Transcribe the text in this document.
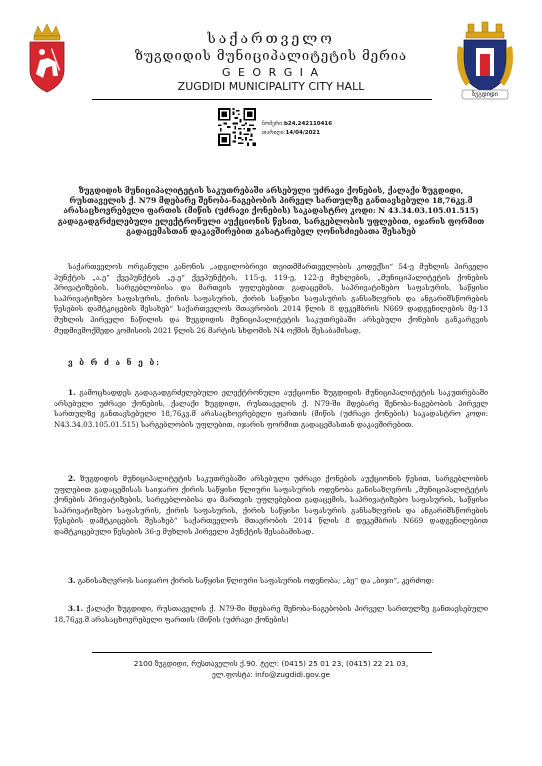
ზუგდიდი
საქართველო
ზუგდიდის მუნიციპალიტეტის მერია
G E O R G I A
ZUGDIDI MUNICIPALITY CITY HALL
ნომერი:b24.242110416
თარიღი:14/04/2021
ზუგდიდის მუნიციპალიტეტის საკუთრებაში არსებული უძრავი ქონების, ქალაქი ზუგდიდი, რუსთაველის ქ. N79 მდებარე შენობა-ნაგებობის პირველ სართულზე განთავსებული 18,76კვ.მ არასაცხოვრებელი ფართის (მიწის (უძრავი ქონების) საკადასტრო კოდი: N 43.34.03.105.01.515) გადაგადგრძელებული ელექტრონული აუქციონის წესით, სარგებლობის უფლებით, იჯარის ფორმით გადაცემასთან დაკავშირებით გასატარებელ ღონისძიებათა შესახებ
საქართველოს ორგანული კანონის „ადგილობრივი თვითმმართველობის კოდექსი“ 54-ე მუხლის პირველი პუნქტის „ა.ე“ ქვეპუნქტის „ე.ე“ ქვეპუნქტის, 115-ე, 119-ე, 122-ე მუხლების, „მუნიციპალიტეტის ქონების პრივატიზების, სარგებლობისა და მართვის უფლებებით გადაცემის, საპრივატიზებო საფასურის, საწყისი საპრივატიზებო საფასურის, ქირის საფასურის, ქირის საწყისი საფასურის განსაზღვრის და ანგარიშსწორების წესების დამტკიცების შესახებ“ საქართველოს მთავრობის 2014 წლის 8 დეკემბრის N669 დადგენილების მე-13 მუხლის პირველი ნაწილის და ზუგდიდის მუნიციპალიტეტის საკუთრებაში არსებული ქონების განკარგვის მუდმივმოქმედი კომისიის 2021 წლის 26 მარტის სხდომის N4 ოქმის შესაბამისად,
ვ ბ რ ძ ა ნ ე ბ:
1. გამოცხადდეს გადაგადგრძელებული ელექტრონული აუქციონი ზუგდიდის მუნიციპალიტეტის საკუთრებაში არსებული უძრავი ქონების, ქალაქი ზუგდიდი, რუსთაველის ქ. N79-ში მდებარე შენობა-ნაგებობის პირველ სართულზე განთავსებული 18,76კვ.მ არასაცხოვრებელი ფართის (მიწის (უძრავი ქონების) საკადასტრო კოდი: N43.34.03.105.01.515) სარგებლობის უფლებით, იჯარის ფორმით გადაცემასთან დაკავშირებით.
2. ზუგდიდის მუნიციპალიტეტის საკუთრებაში არსებული უძრავი ქონების აუქციონის წესით, სარგებლობის უფლებით გადაცემისას საიჯარო ქირის საწყისი წლიური საფასურის ოდენობა განისაზღვროს „მუნიციპალიტეტის ქონების პრივატიზების, სარგებლობისა და მართვის უფლებებით გადაცემის, საპრივატიზებო საფასურის, საწყისი საპრივატიზებო საფასურის, ქირის საფასურის, ქირის საწყისი საფასურის განსაზღვრის და ანგარიშსწორების წესების დამტკიცების შესახებ“ საქართველოს მთავრობის 2014 წლის 8 დეკემბრის N669 დადგენილებით დამტკიცებული წესების 36-ე მუხლის პირველი პუნქტის შესაბამისად.
3. განისაზღვროს საიჯარო ქირის საწყისი წლიური საფასურის ოდენობა; „ბე“ და „ბიჯი“, კერძოდ:
3.1. ქალაქი ზუგდიდი, რუსთაველის ქ. N79-ში მდებარე შენობა-ნაგებობის პირველ სართულზე განთავსებული 18,76კვ.მ არასაცხოვრებელი ფართის (მიწის (უძრავი ქონების)
2100 ზუგდიდი, რუსთაველის ქ.90. ტელ: (0415) 25 01 23, (0415) 22 21 03,
ელ.ფოსტა: info@zugdidi.gov.ge
